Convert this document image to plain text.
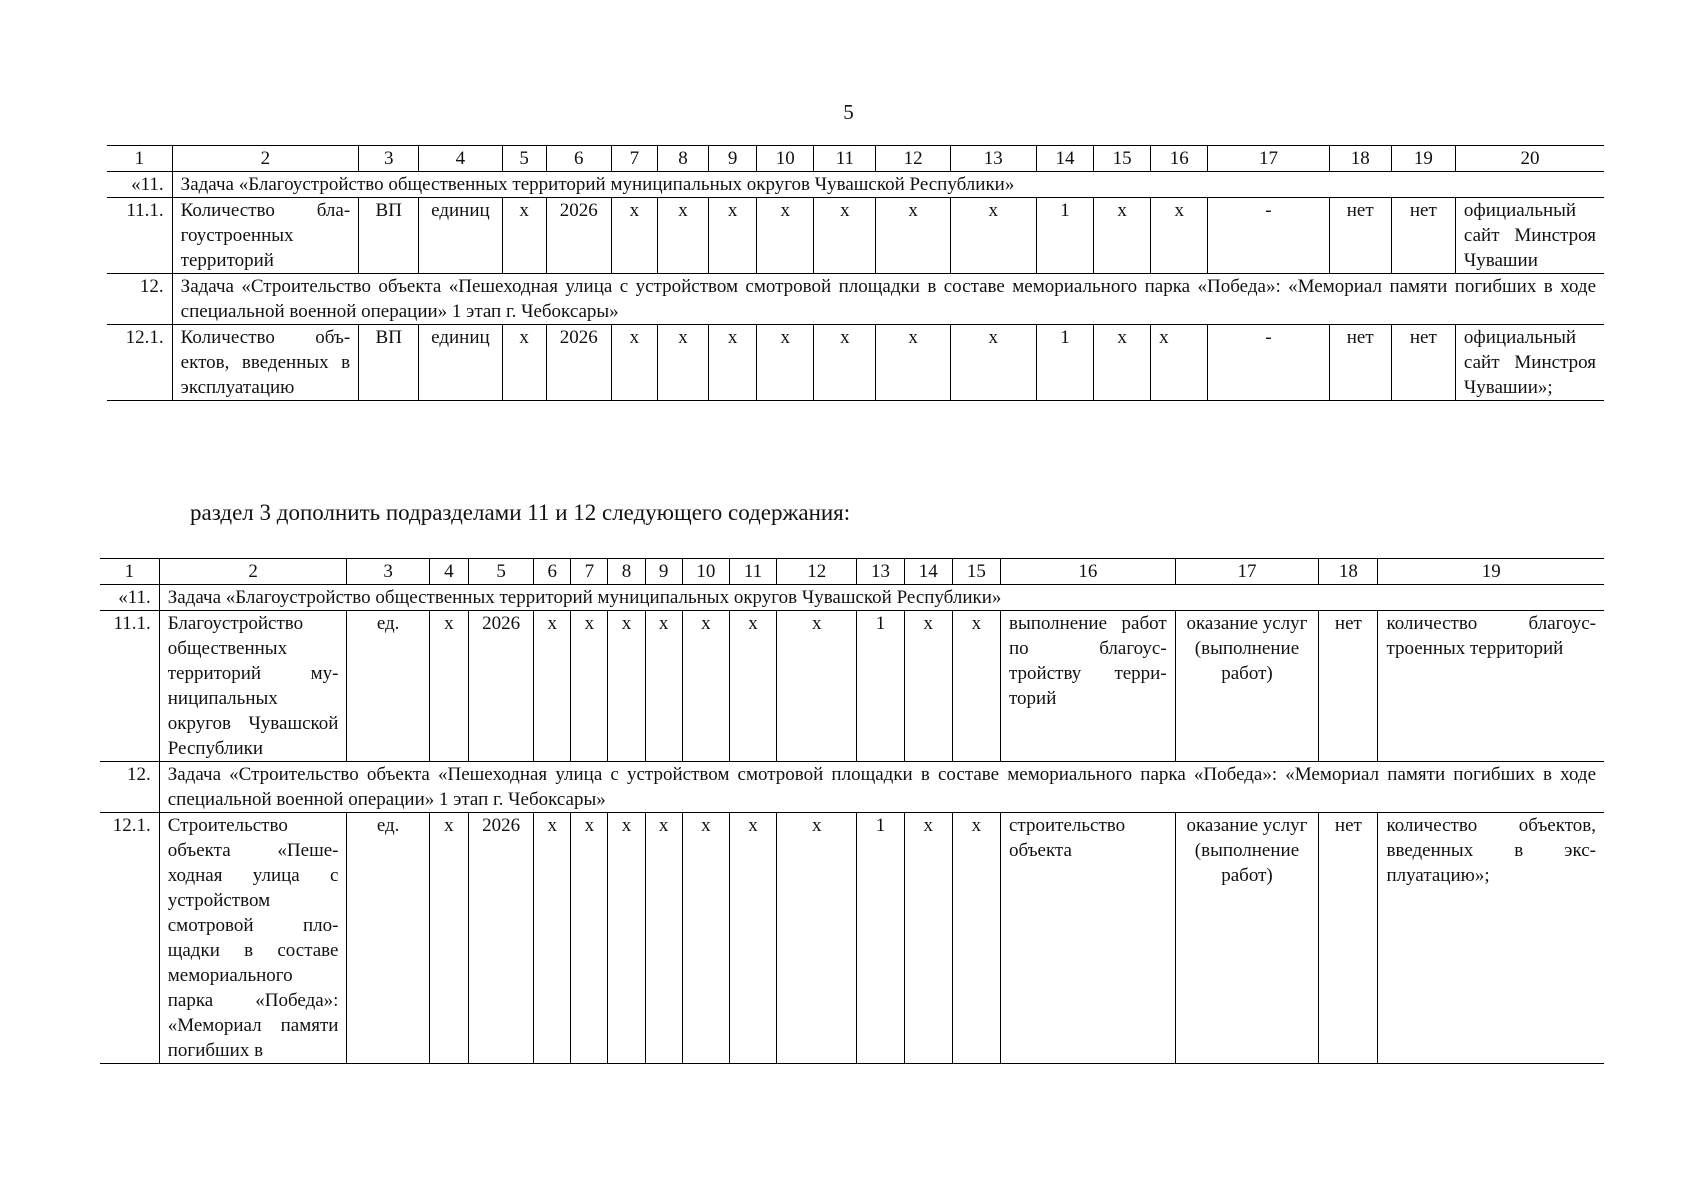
5
1	2	3	4	5	6	7	8	9	10	11	12	13	14	15	16	17	18	19	20
«11.	Задача «Благоустройство общественных территорий муниципальных округов Чувашской Республики»																		
11.1.	Количество благоустроенных территорий	ВП	единиц	х	2026	х	х	х	х	х	х	х	1	х	х	-	нет	нет	официальный сайт Минстроя Чувашии
12.	Задача «Строительство объекта «Пешеходная улица с устройством смотровой площадки в составе мемориального парка «Победа»: «Мемориал памяти погибших в ходе специальной военной операции» 1 этап г. Чебоксары»																		
12.1.	Количество объектов, введенных в эксплуатацию	ВП	единиц	х	2026	х	х	х	х	х	х	х	1	х	х	-	нет	нет	официальный сайт Минстроя Чувашии»;
раздел 3 дополнить подразделами 11 и 12 следующего содержания:
1	2	3	4	5	6	7	8	9	10	11	12	13	14	15	16	17	18	19
«11.	Задача «Благоустройство общественных территорий муниципальных округов Чувашской Республики»																	
11.1.	Благоустройство общественных территорий муниципальных округов Чувашской Республики	ед.	х	2026	х	х	х	х	х	х	х	1	х	х	выполнение работ по благоустройству территорий	оказание услуг (выполнение работ)	нет	количество благоустроенных территорий
12.	Задача «Строительство объекта «Пешеходная улица с устройством смотровой площадки в составе мемориального парка «Победа»: «Мемориал памяти погибших в ходе специальной военной операции» 1 этап г. Чебоксары»																	
12.1.	Строительство объекта «Пешеходная улица с устройством смотровой площадки в составе мемориального парка «Победа»: «Мемориал памяти погибших в	ед.	х	2026	х	х	х	х	х	х	х	1	х	х	строительство объекта	оказание услуг (выполнение работ)	нет	количество объектов, введенных в эксплуатацию»;
